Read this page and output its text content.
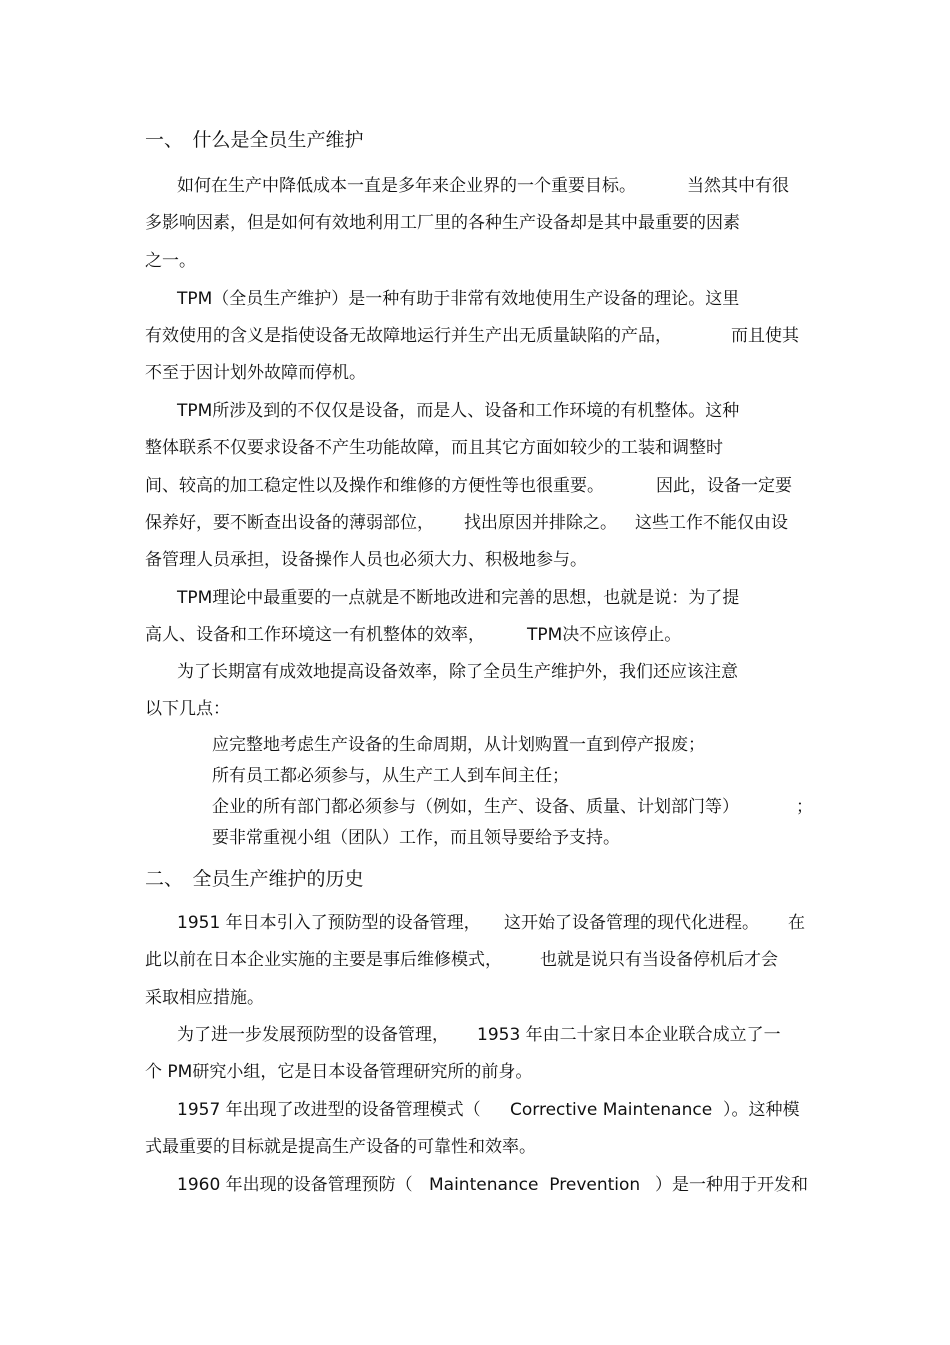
一、　什么是全员生产维护
如何在生产中降低成本一直是多年来企业界的一个重要目标。	当然其中有很
多影响因素，但是如何有效地利用工厂里的各种生产设备却是其中最重要的因素
之一。
TPM（全员生产维护）是一种有助于非常有效地使用生产设备的理论。这里
有效使用的含义是指使设备无故障地运行并生产出无质量缺陷的产品，	而且使其
不至于因计划外故障而停机。
TPM所涉及到的不仅仅是设备，而是人、设备和工作环境的有机整体。这种
整体联系不仅要求设备不产生功能故障，而且其它方面如较少的工装和调整时
间、较高的加工稳定性以及操作和维修的方便性等也很重要。	因此，设备一定要
保养好，要不断查出设备的薄弱部位， 找出原因并排除之。 这些工作不能仅由设
备管理人员承担，设备操作人员也必须大力、积极地参与。
TPM理论中最重要的一点就是不断地改进和完善的思想，也就是说：为了提
高人、设备和工作环境这一有机整体的效率， TPM决不应该停止。
为了长期富有成效地提高设备效率，除了全员生产维护外，我们还应该注意
以下几点：
应完整地考虑生产设备的生命周期，从计划购置一直到停产报废；
所有员工都必须参与，从生产工人到车间主任；
企业的所有部门都必须参与（例如，生产、设备、质量、计划部门等）	；
要非常重视小组（团队）工作，而且领导要给予支持。
二、　全员生产维护的历史
1951 年日本引入了预防型的设备管理， 这开始了设备管理的现代化进程。 在
此以前在日本企业实施的主要是事后维修模式， 也就是说只有当设备停机后才会
采取相应措施。
为了进一步发展预防型的设备管理， 1953 年由二十家日本企业联合成立了一
个 PM研究小组，它是日本设备管理研究所的前身。
1957 年出现了改进型的设备管理模式（ Corrective Maintenance ）。这种模
式最重要的目标就是提高生产设备的可靠性和效率。
1960 年出现的设备管理预防（ Maintenance  Prevention ）是一种用于开发和
